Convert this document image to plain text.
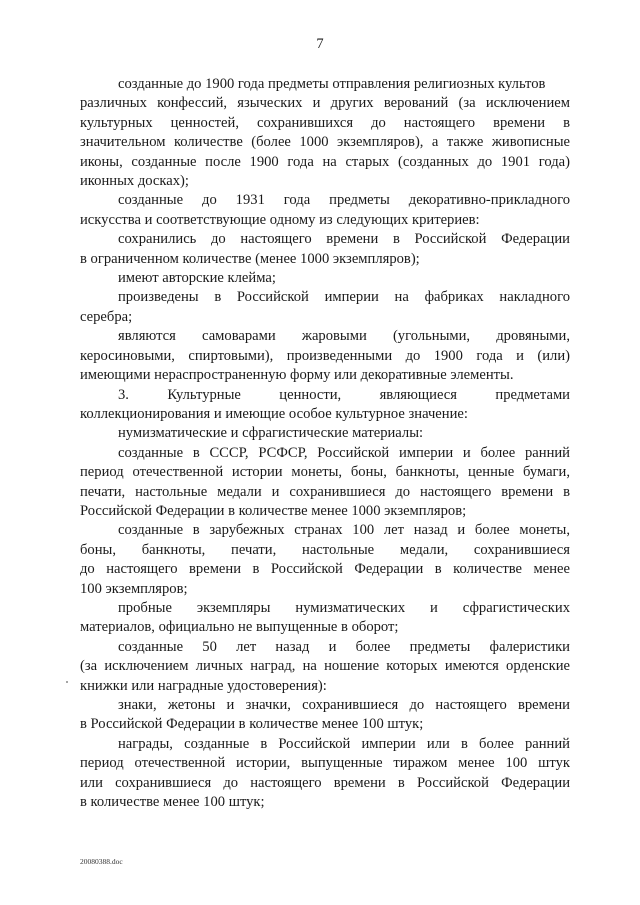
7
созданные до 1900 года предметы отправления религиозных культов
различных конфессий, языческих и других верований (за исключением
культурных ценностей, сохранившихся до настоящего времени в
значительном количестве (более 1000 экземпляров), а также живописные
иконы, созданные после 1900 года на старых (созданных до 1901 года)
иконных досках);
созданные до 1931 года предметы декоративно-прикладного
искусства и соответствующие одному из следующих критериев:
сохранились до настоящего времени в Российской Федерации
в ограниченном количестве (менее 1000 экземпляров);
имеют авторские клейма;
произведены в Российской империи на фабриках накладного
серебра;
являются самоварами жаровыми (угольными, дровяными,
керосиновыми, спиртовыми), произведенными до 1900 года и (или)
имеющими нераспространенную форму или декоративные элементы.
3. Культурные ценности, являющиеся предметами
коллекционирования и имеющие особое культурное значение:
нумизматические и сфрагистические материалы:
созданные в СССР, РСФСР, Российской империи и более ранний
период отечественной истории монеты, боны, банкноты, ценные бумаги,
печати, настольные медали и сохранившиеся до настоящего времени в
Российской Федерации в количестве менее 1000 экземпляров;
созданные в зарубежных странах 100 лет назад и более монеты,
боны, банкноты, печати, настольные медали, сохранившиеся
до настоящего времени в Российской Федерации в количестве менее
100 экземпляров;
пробные экземпляры нумизматических и сфрагистических
материалов, официально не выпущенные в оборот;
созданные 50 лет назад и более предметы фалеристики
(за исключением личных наград, на ношение которых имеются орденские
книжки или наградные удостоверения):
знаки, жетоны и значки, сохранившиеся до настоящего времени
в Российской Федерации в количестве менее 100 штук;
награды, созданные в Российской империи или в более ранний
период отечественной истории, выпущенные тиражом менее 100 штук
или сохранившиеся до настоящего времени в Российской Федерации
в количестве менее 100 штук;
20080388.doc
